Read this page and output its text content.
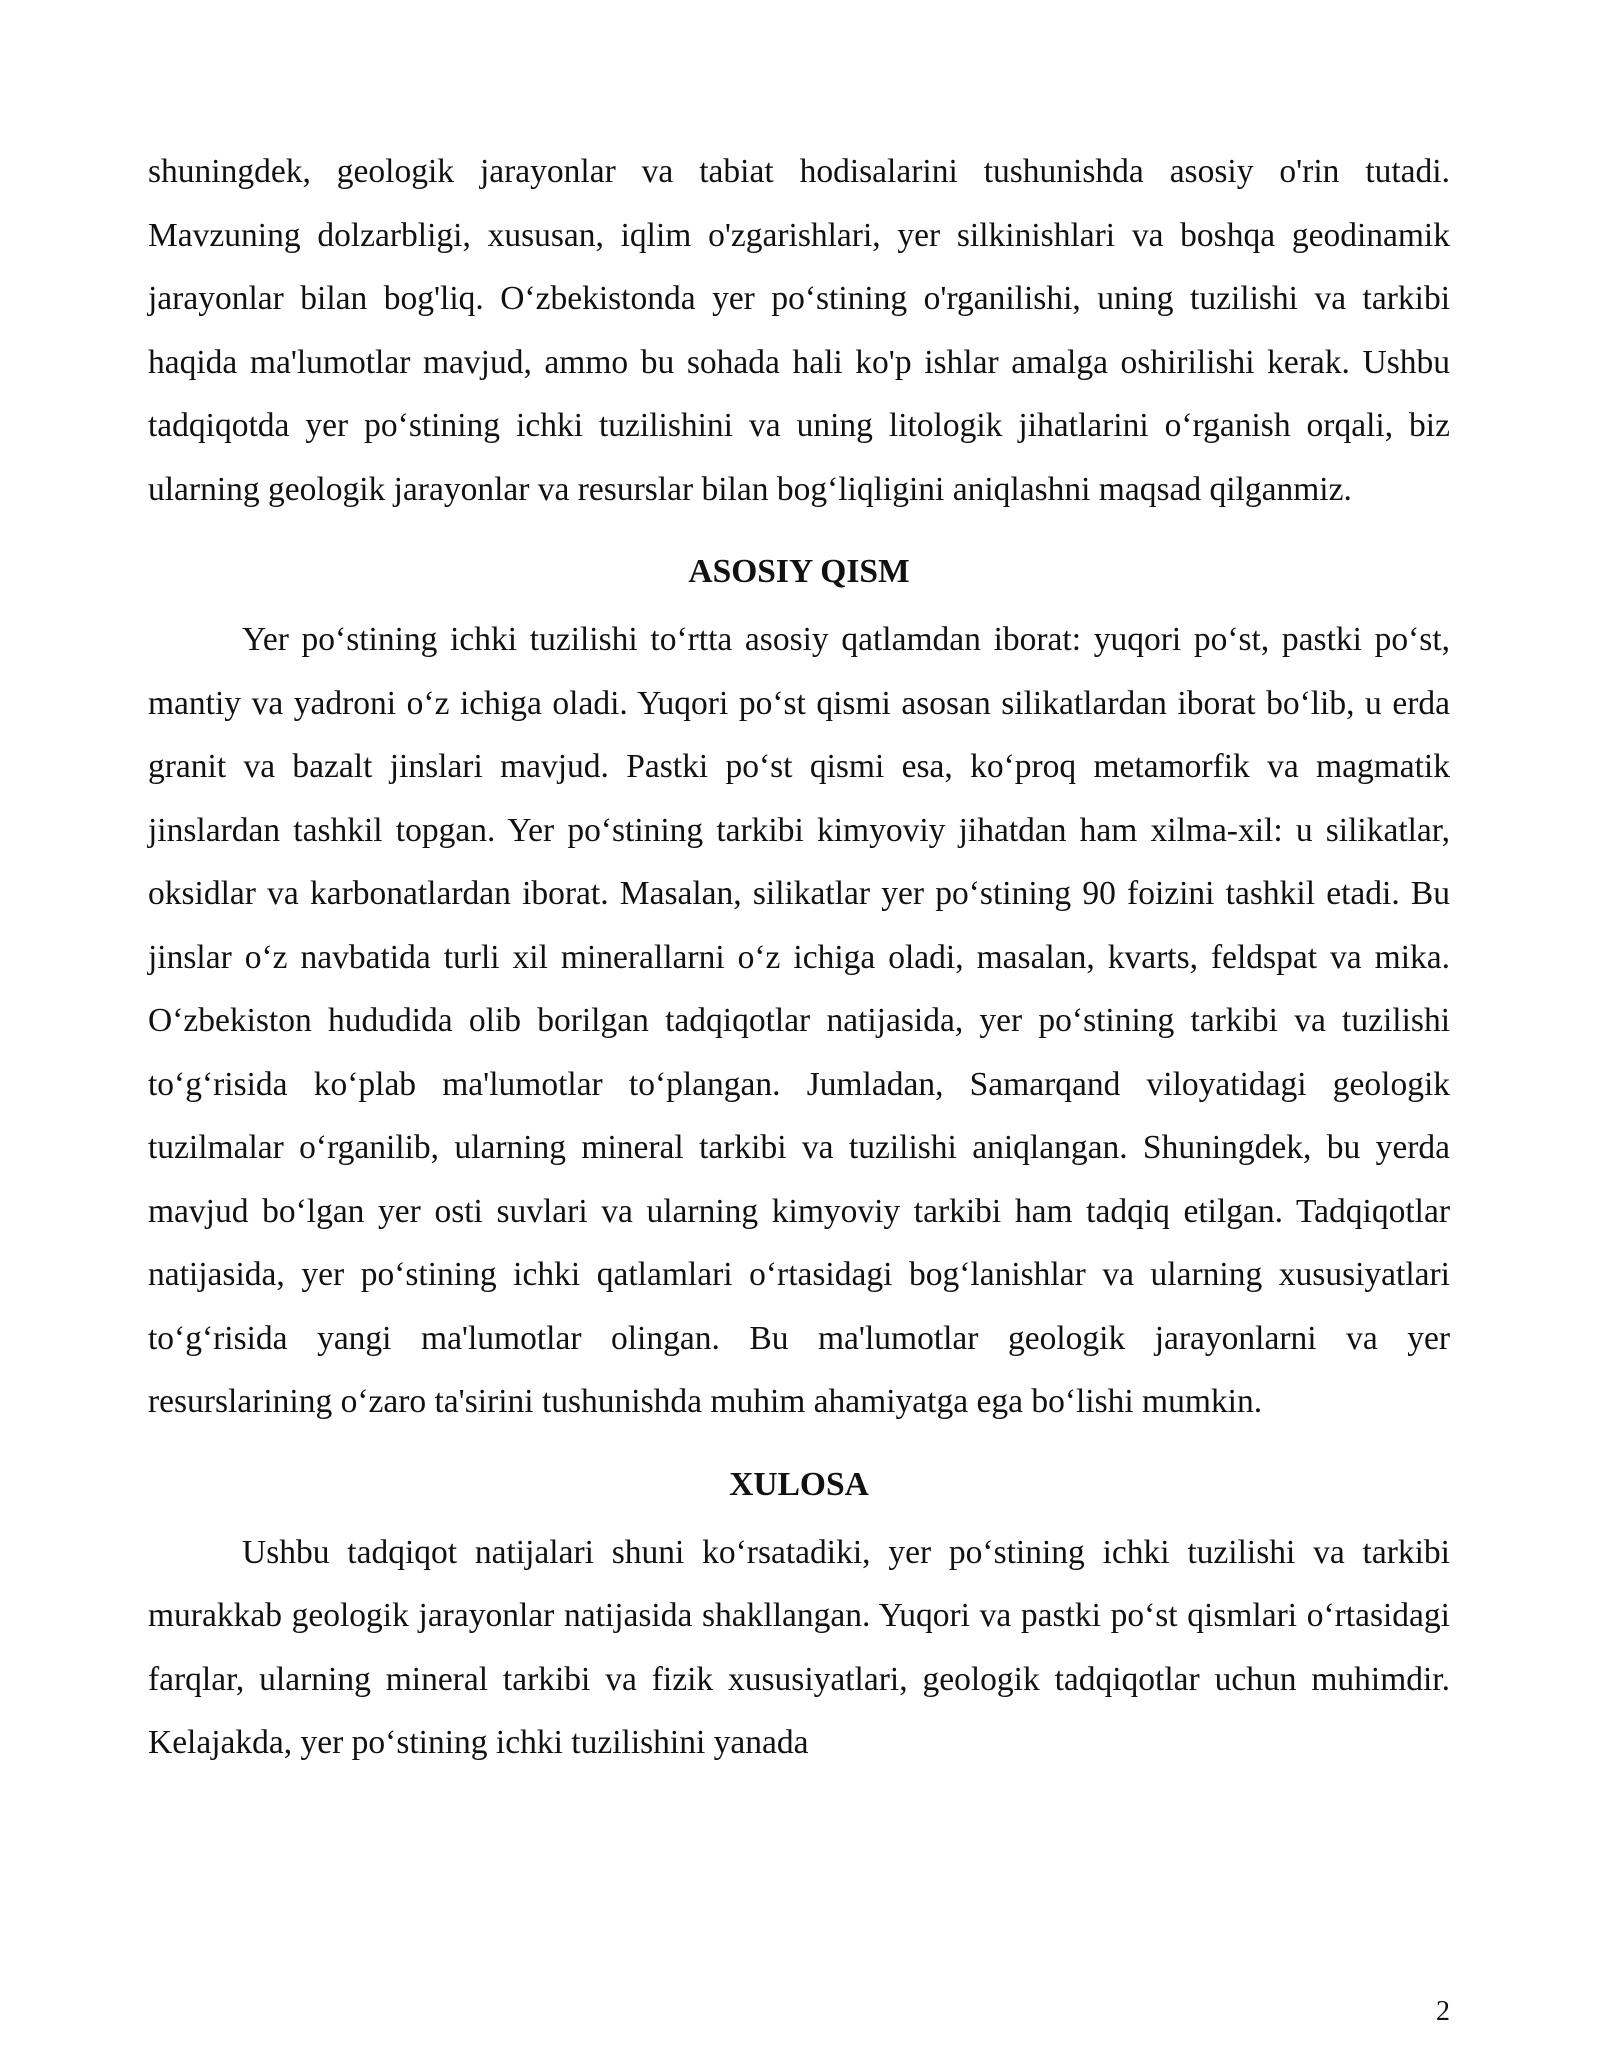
shuningdek, geologik jarayonlar va tabiat hodisalarini tushunishda asosiy o'rin tutadi. Mavzuning dolzarbligi, xususan, iqlim o'zgarishlari, yer silkinishlari va boshqa geodinamik jarayonlar bilan bog'liq. O‘zbekistonda yer po‘stining o'rganilishi, uning tuzilishi va tarkibi haqida ma'lumotlar mavjud, ammo bu sohada hali ko'p ishlar amalga oshirilishi kerak. Ushbu tadqiqotda yer po‘stining ichki tuzilishini va uning litologik jihatlarini o‘rganish orqali, biz ularning geologik jarayonlar va resurslar bilan bog‘liqligini aniqlashni maqsad qilganmiz.

ASOSIY QISM

Yer po‘stining ichki tuzilishi to‘rtta asosiy qatlamdan iborat: yuqori po‘st, pastki po‘st, mantiy va yadroni o‘z ichiga oladi. Yuqori po‘st qismi asosan silikatlardan iborat bo‘lib, u erda granit va bazalt jinslari mavjud. Pastki po‘st qismi esa, ko‘proq metamorfik va magmatik jinslardan tashkil topgan. Yer po‘stining tarkibi kimyoviy jihatdan ham xilma-xil: u silikatlar, oksidlar va karbonatlardan iborat. Masalan, silikatlar yer po‘stining 90 foizini tashkil etadi. Bu jinslar o‘z navbatida turli xil minerallarni o‘z ichiga oladi, masalan, kvarts, feldspat va mika. O‘zbekiston hududida olib borilgan tadqiqotlar natijasida, yer po‘stining tarkibi va tuzilishi to‘g‘risida ko‘plab ma'lumotlar to‘plangan. Jumladan, Samarqand viloyatidagi geologik tuzilmalar o‘rganilib, ularning mineral tarkibi va tuzilishi aniqlangan. Shuningdek, bu yerda mavjud bo‘lgan yer osti suvlari va ularning kimyoviy tarkibi ham tadqiq etilgan. Tadqiqotlar natijasida, yer po‘stining ichki qatlamlari o‘rtasidagi bog‘lanishlar va ularning xususiyatlari to‘g‘risida yangi ma'lumotlar olingan. Bu ma'lumotlar geologik jarayonlarni va yer resurslarining o‘zaro ta'sirini tushunishda muhim ahamiyatga ega bo‘lishi mumkin.

XULOSA

Ushbu tadqiqot natijalari shuni ko‘rsatadiki, yer po‘stining ichki tuzilishi va tarkibi murakkab geologik jarayonlar natijasida shakllangan. Yuqori va pastki po‘st qismlari o‘rtasidagi farqlar, ularning mineral tarkibi va fizik xususiyatlari, geologik tadqiqotlar uchun muhimdir. Kelajakda, yer po‘stining ichki tuzilishini yanada

2
